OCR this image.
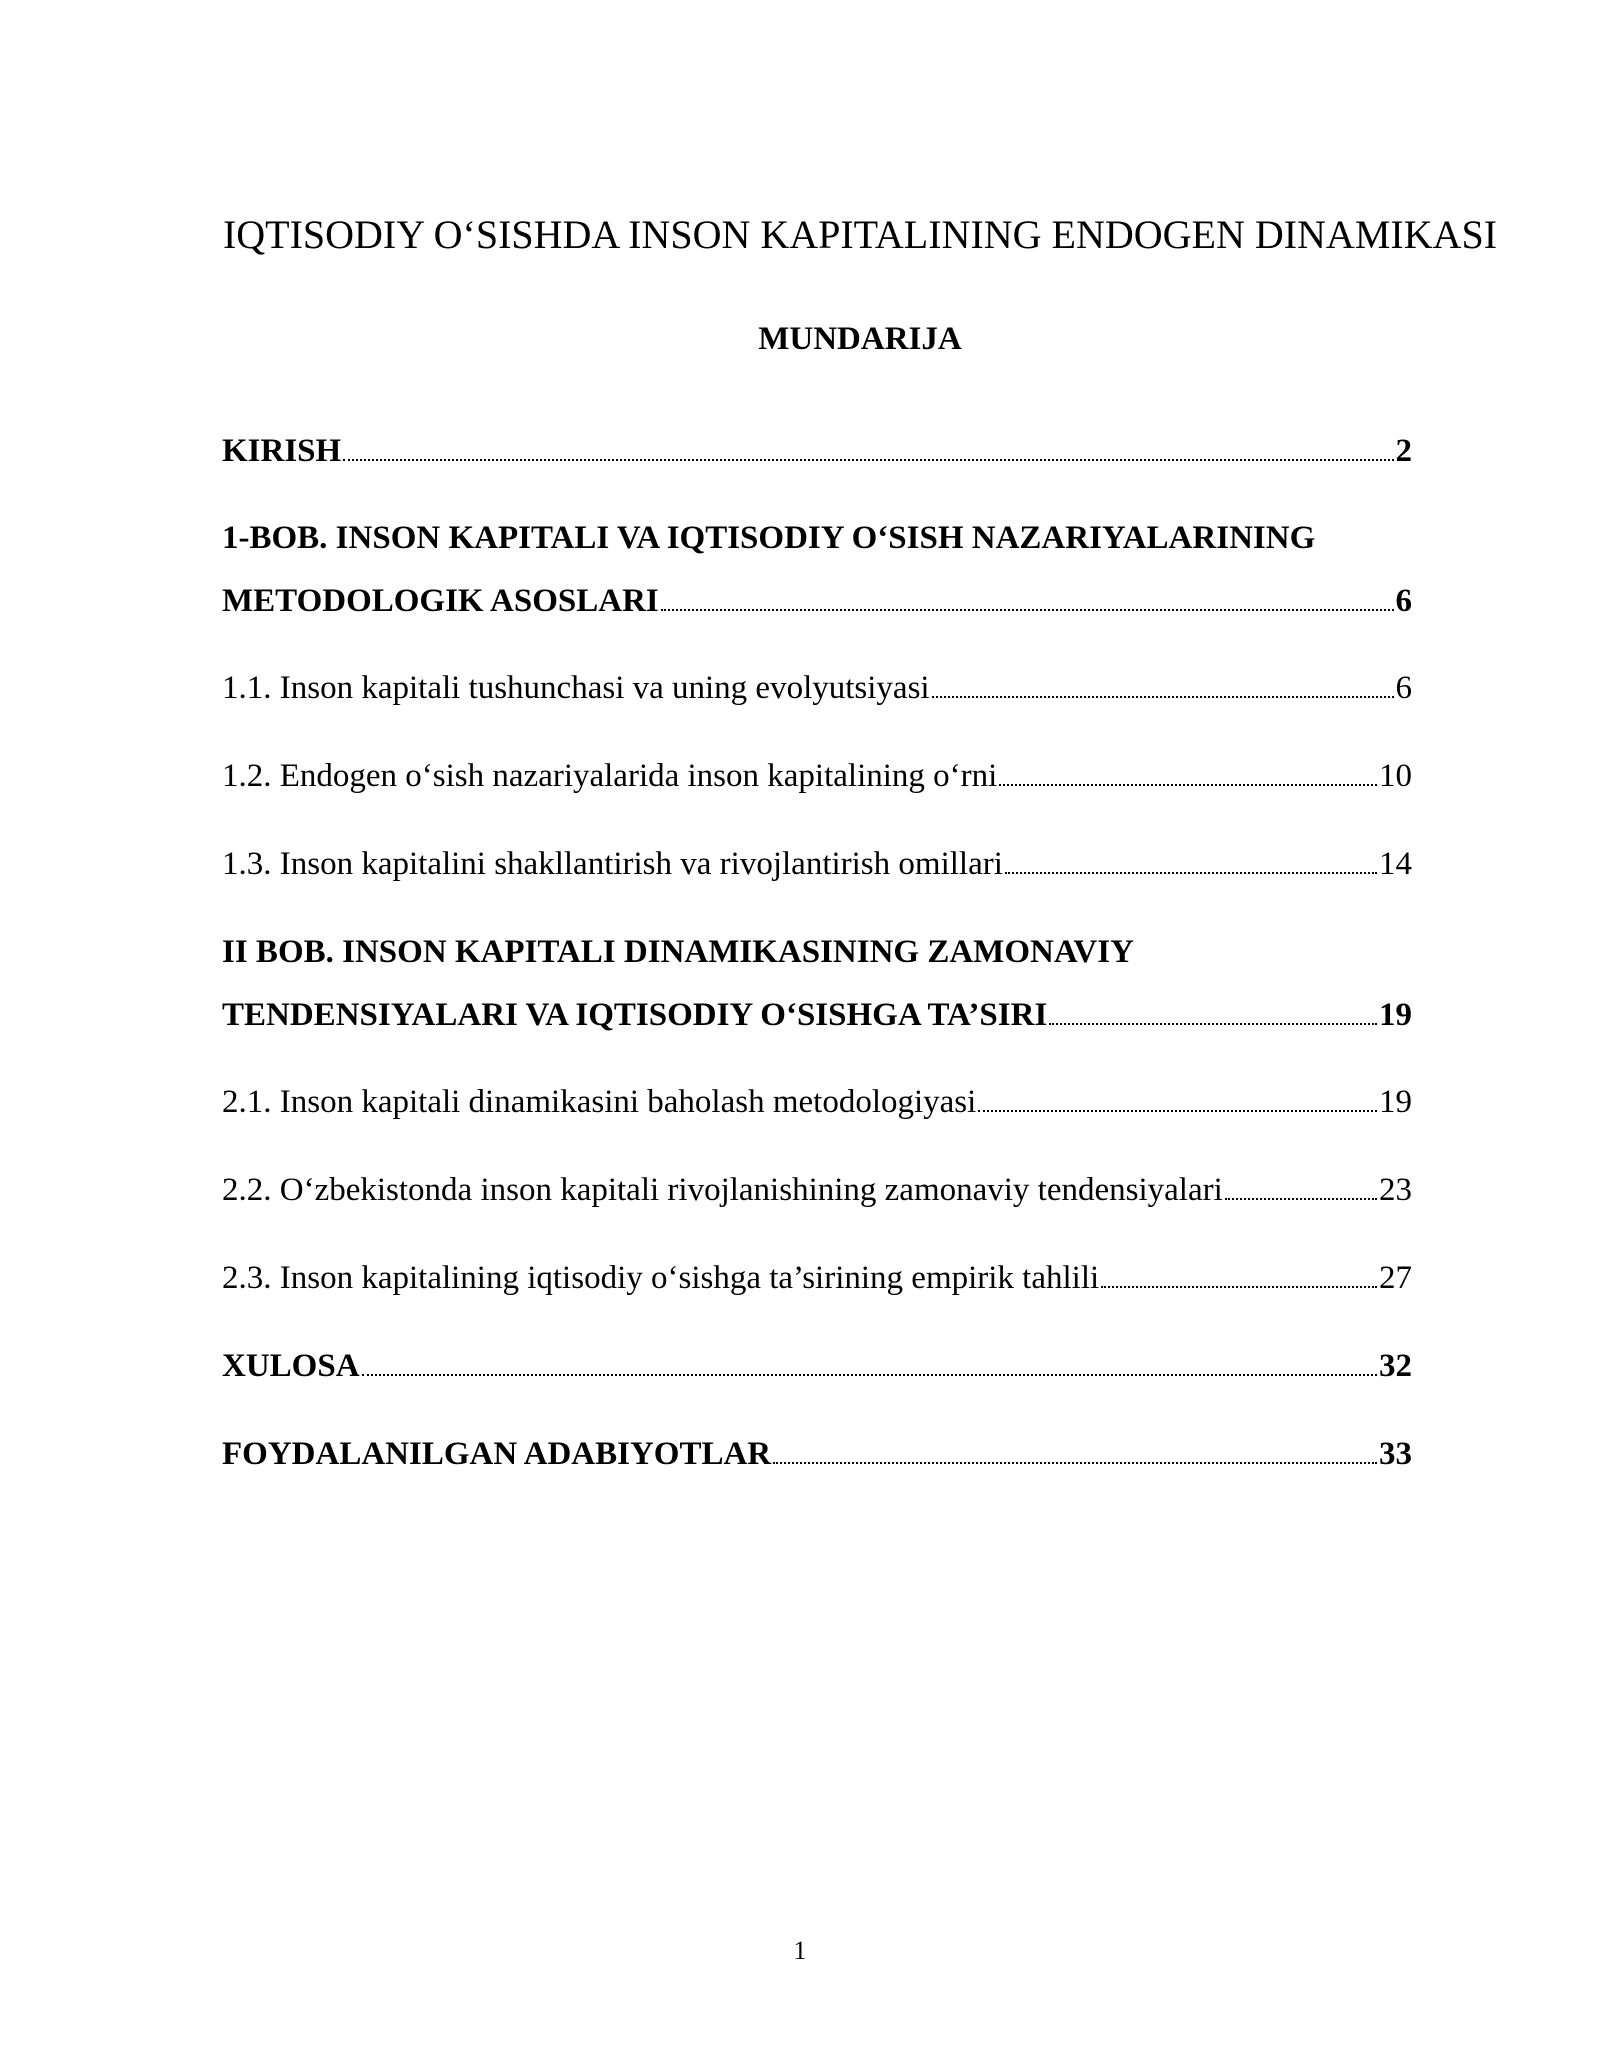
IQTISODIY O‘SISHDA INSON KAPITALINING ENDOGEN DINAMIKASI
MUNDARIJA
KIRISH	2
1-BOB. INSON KAPITALI VA IQTISODIY O‘SISH NAZARIYALARINING
METODOLOGIK ASOSLARI	6
1.1. Inson kapitali tushunchasi va uning evolyutsiyasi	6
1.2. Endogen o‘sish nazariyalarida inson kapitalining o‘rni	10
1.3. Inson kapitalini shakllantirish va rivojlantirish omillari	14
II BOB. INSON KAPITALI DINAMIKASINING ZAMONAVIY
TENDENSIYALARI VA IQTISODIY O‘SISHGA TA’SIRI	19
2.1. Inson kapitali dinamikasini baholash metodologiyasi	19
2.2. O‘zbekistonda inson kapitali rivojlanishining zamonaviy tendensiyalari	23
2.3. Inson kapitalining iqtisodiy o‘sishga ta’sirining empirik tahlili	27
XULOSA	32
FOYDALANILGAN ADABIYOTLAR	33
1
